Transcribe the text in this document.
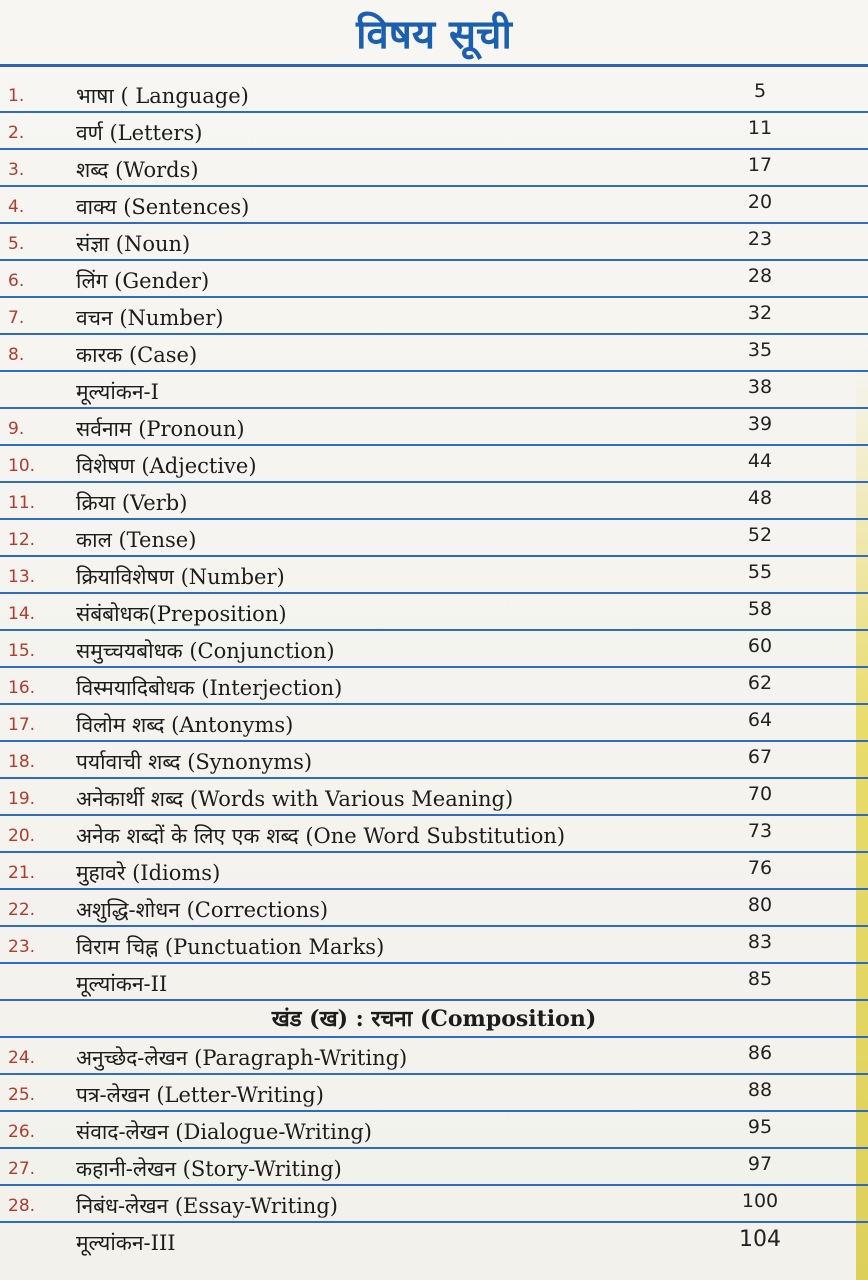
विषय सूची
1.	भाषा ( Language)	5
2.	वर्ण (Letters)	11
3.	शब्द (Words)	17
4.	वाक्य (Sentences)	20
5.	संज्ञा (Noun)	23
6.	लिंग (Gender)	28
7.	वचन (Number)	32
8.	कारक (Case)	35
मूल्यांकन-I	38
9.	सर्वनाम (Pronoun)	39
10.	विशेषण (Adjective)	44
11.	क्रिया (Verb)	48
12.	काल (Tense)	52
13.	क्रियाविशेषण (Number)	55
14.	संबंबोधक(Preposition)	58
15.	समुच्चयबोधक (Conjunction)	60
16.	विस्मयादिबोधक (Interjection)	62
17.	विलोम शब्द (Antonyms)	64
18.	पर्यावाची शब्द (Synonyms)	67
19.	अनेकार्थी शब्द (Words with Various Meaning)	70
20.	अनेक शब्दों के लिए एक शब्द (One Word Substitution)	73
21.	मुहावरे (Idioms)	76
22.	अशुद्धि-शोधन (Corrections)	80
23.	विराम चिह्न (Punctuation Marks)	83
मूल्यांकन-II	85
खंड (ख) : रचना (Composition)
24.	अनुच्छेद-लेखन (Paragraph-Writing)	86
25.	पत्र-लेखन (Letter-Writing)	88
26.	संवाद-लेखन (Dialogue-Writing)	95
27.	कहानी-लेखन (Story-Writing)	97
28.	निबंध-लेखन (Essay-Writing)	100
मूल्यांकन-III	104
